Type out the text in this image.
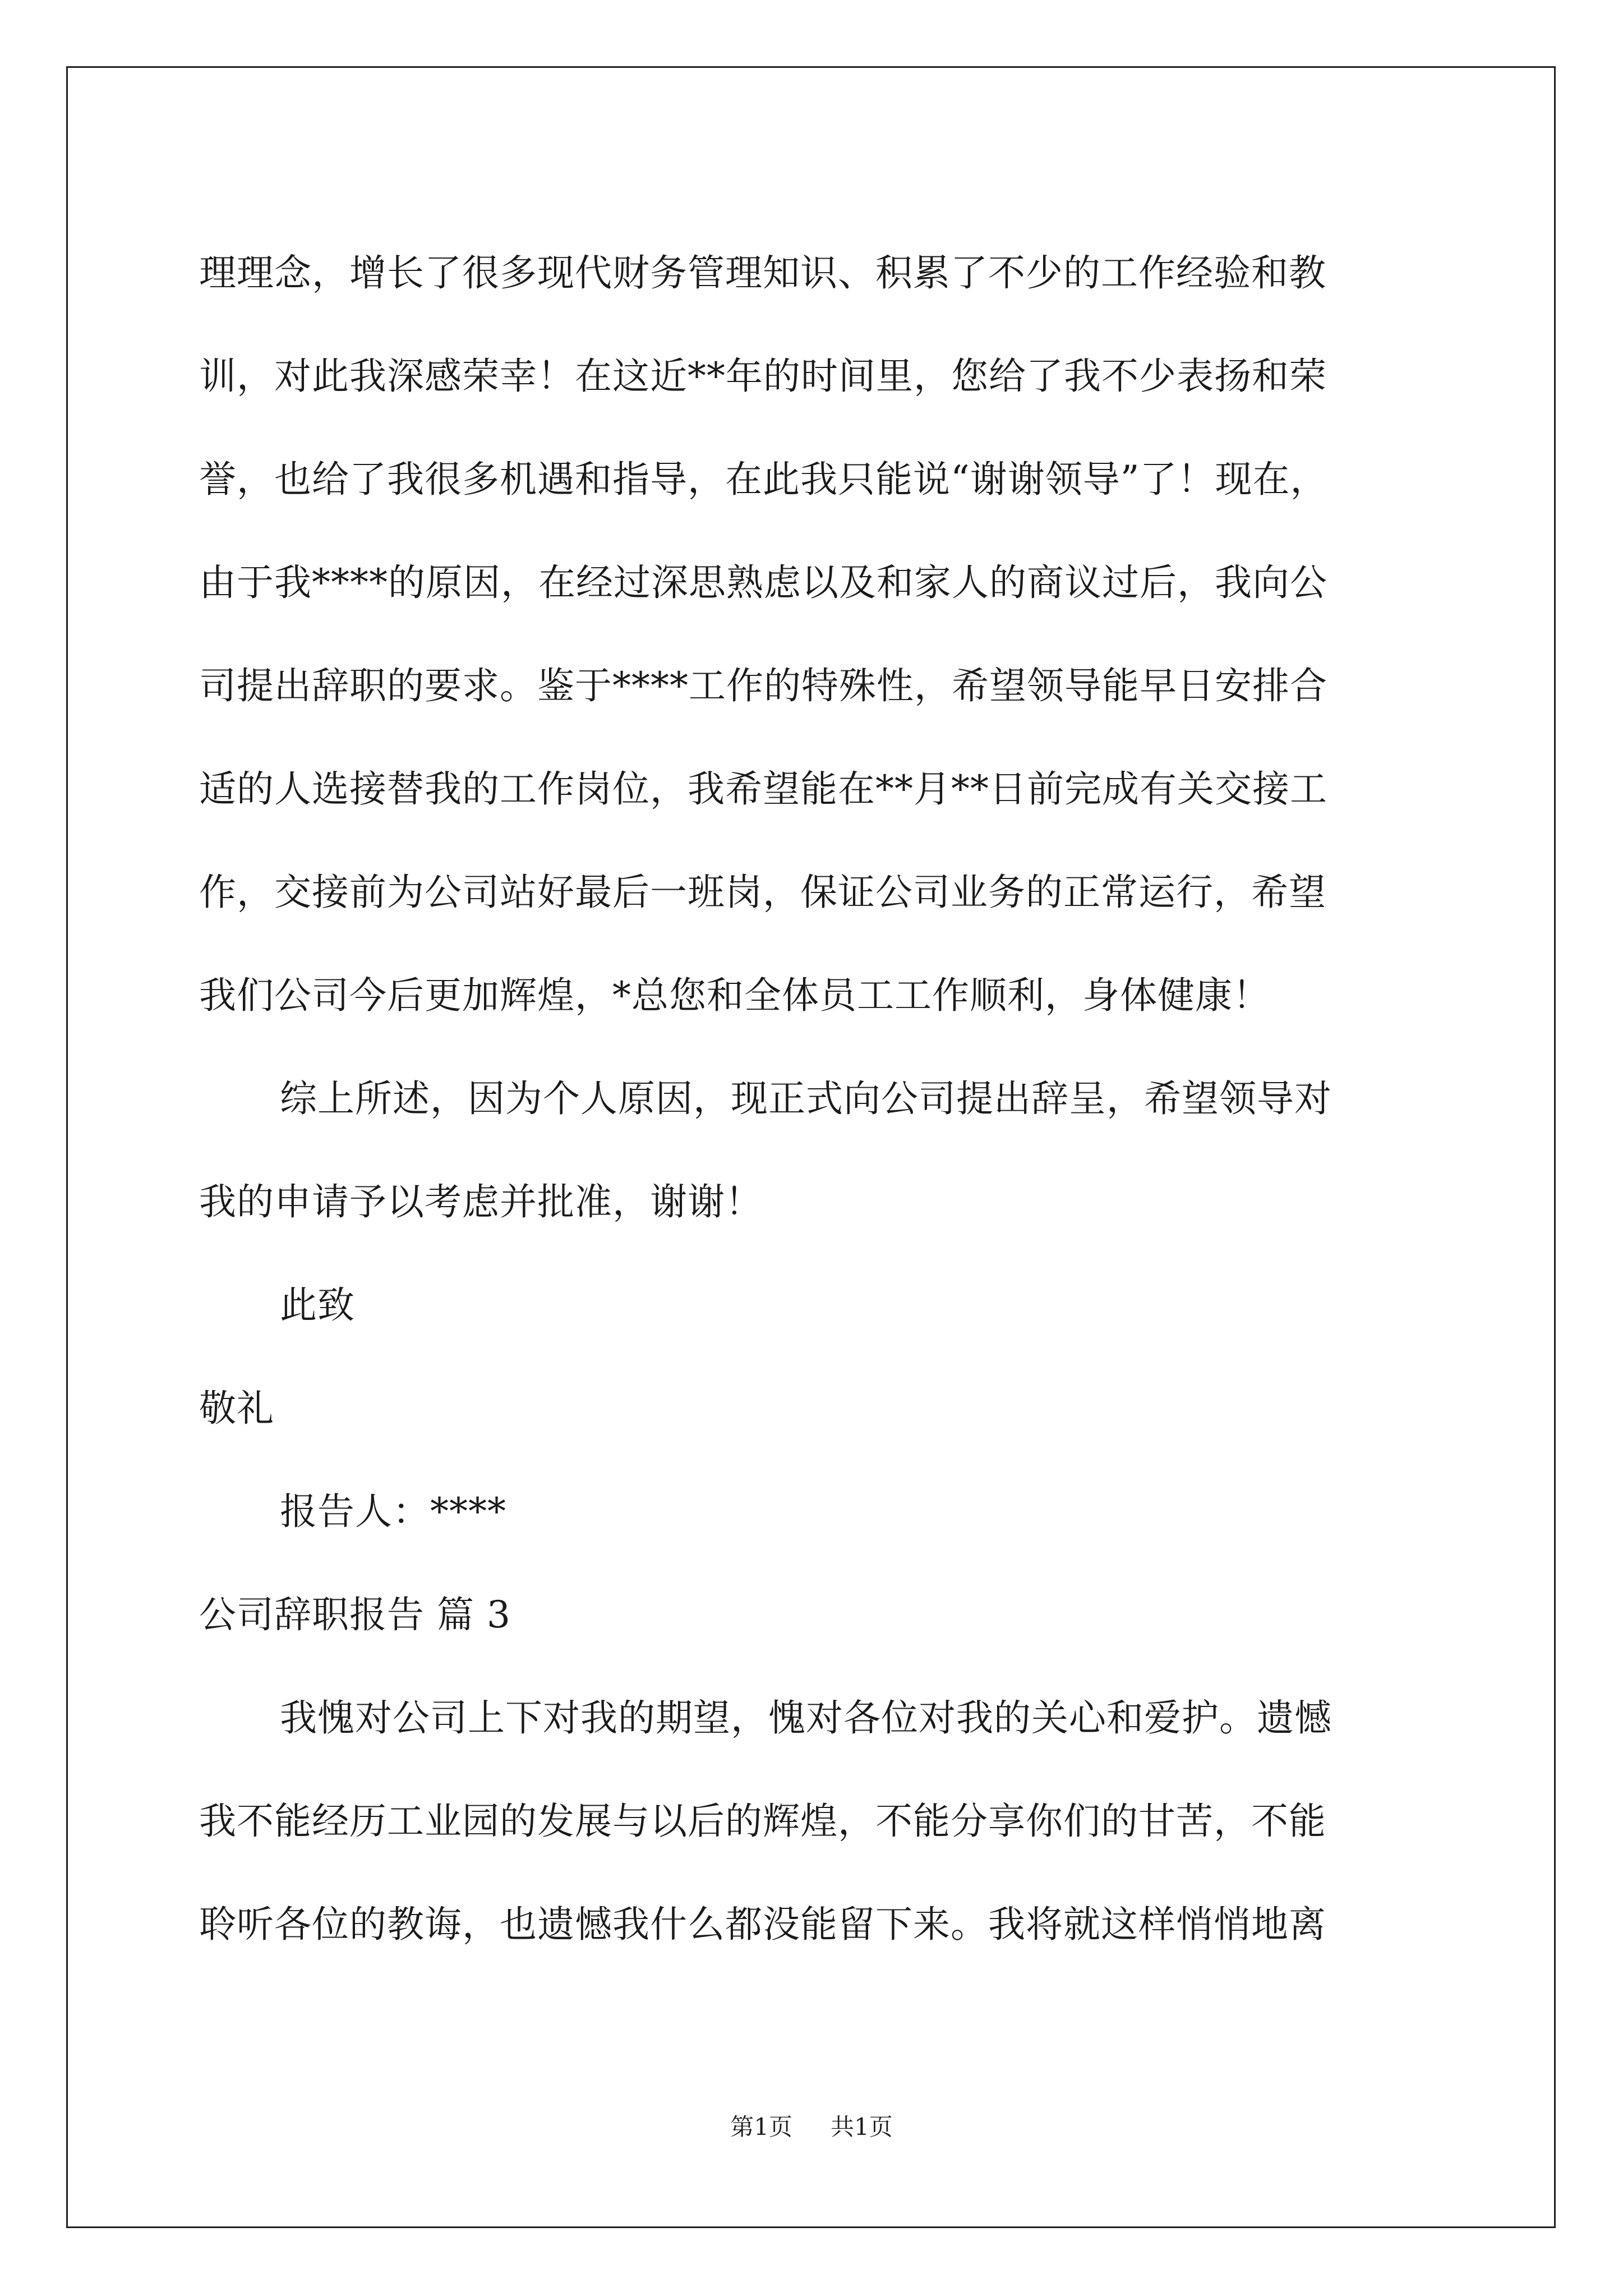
理理念，增长了很多现代财务管理知识、积累了不少的工作经验和教
训，对此我深感荣幸！在这近**年的时间里，您给了我不少表扬和荣
誉，也给了我很多机遇和指导，在此我只能说“谢谢领导”了！现在，
由于我****的原因，在经过深思熟虑以及和家人的商议过后，我向公
司提出辞职的要求。鉴于****工作的特殊性，希望领导能早日安排合
适的人选接替我的工作岗位，我希望能在**月**日前完成有关交接工
作，交接前为公司站好最后一班岗，保证公司业务的正常运行，希望
我们公司今后更加辉煌，*总您和全体员工工作顺利，身体健康！
综上所述，因为个人原因，现正式向公司提出辞呈，希望领导对
我的申请予以考虑并批准，谢谢！
此致
敬礼
报告人：****
公司辞职报告 篇 3
我愧对公司上下对我的期望，愧对各位对我的关心和爱护。遗憾
我不能经历工业园的发展与以后的辉煌，不能分享你们的甘苦，不能
聆听各位的教诲，也遗憾我什么都没能留下来。我将就这样悄悄地离
第1页 共1页
